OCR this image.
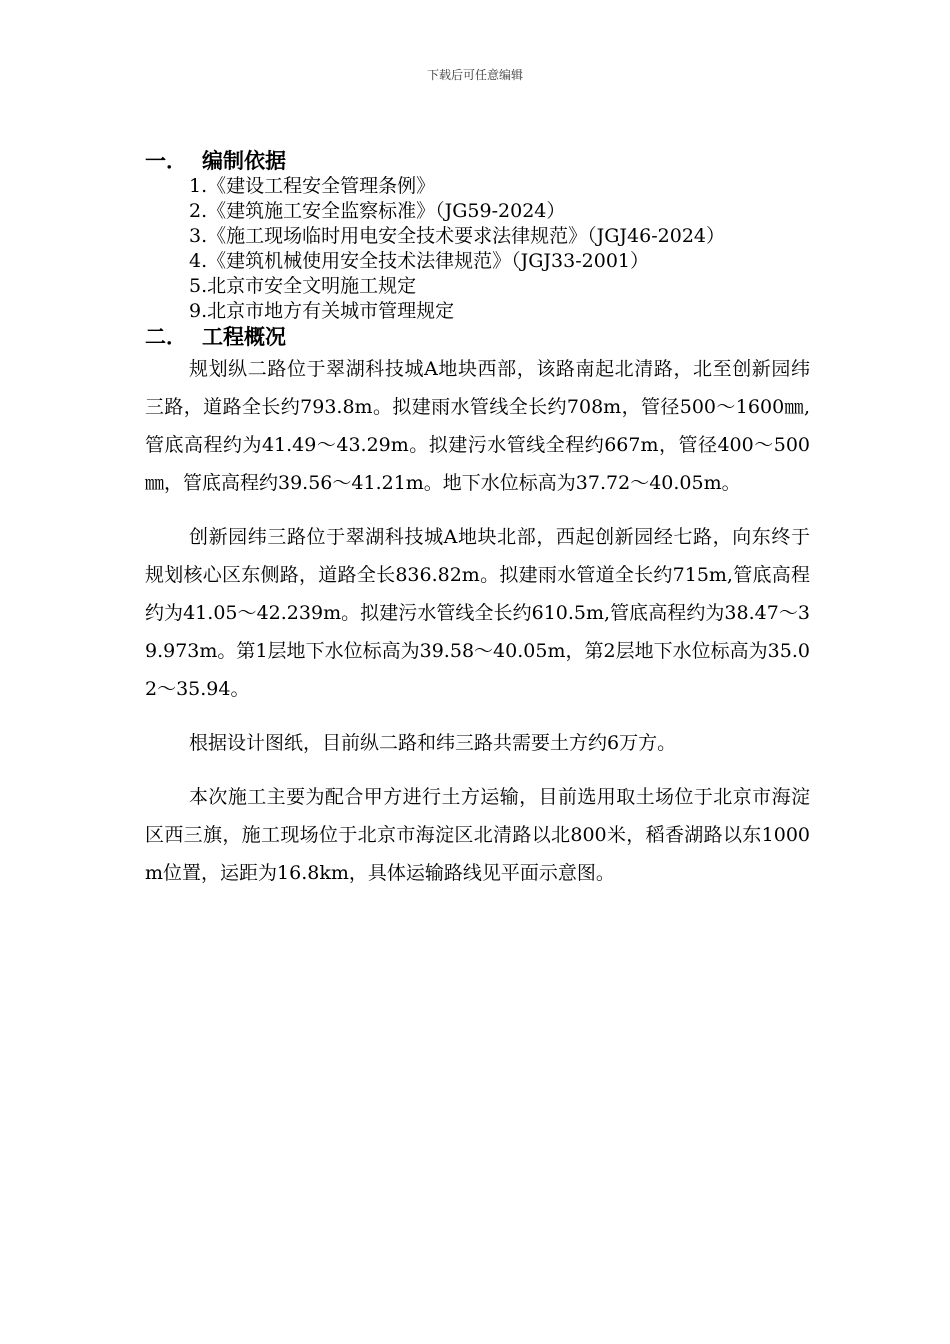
下载后可任意编辑
一． 编制依据
1.《建设工程安全管理条例》
2.《建筑施工安全监察标准》（JG59-2024）
3.《施工现场临时用电安全技术要求法律规范》（JGJ46-2024）
4.《建筑机械使用安全技术法律规范》（JGJ33-2001）
5.北京市安全文明施工规定
9.北京市地方有关城市管理规定
二． 工程概况

规划纵二路位于翠湖科技城A地块西部，该路南起北清路，北至创新园纬三路，道路全长约793.8m。拟建雨水管线全长约708m，管径500～1600㎜,管底高程约为41.49～43.29m。拟建污水管线全程约667m，管径400～500㎜，管底高程约39.56～41.21m。地下水位标高为37.72～40.05m。

创新园纬三路位于翠湖科技城A地块北部，西起创新园经七路，向东终于规划核心区东侧路，道路全长836.82m。拟建雨水管道全长约715m,管底高程约为41.05～42.239m。拟建污水管线全长约610.5m,管底高程约为38.47～39.973m。第1层地下水位标高为39.58～40.05m，第2层地下水位标高为35.02～35.94。

根据设计图纸，目前纵二路和纬三路共需要土方约6万方。

本次施工主要为配合甲方进行土方运输，目前选用取土场位于北京市海淀区西三旗，施工现场位于北京市海淀区北清路以北800米，稻香湖路以东1000m位置，运距为16.8km，具体运输路线见平面示意图。
